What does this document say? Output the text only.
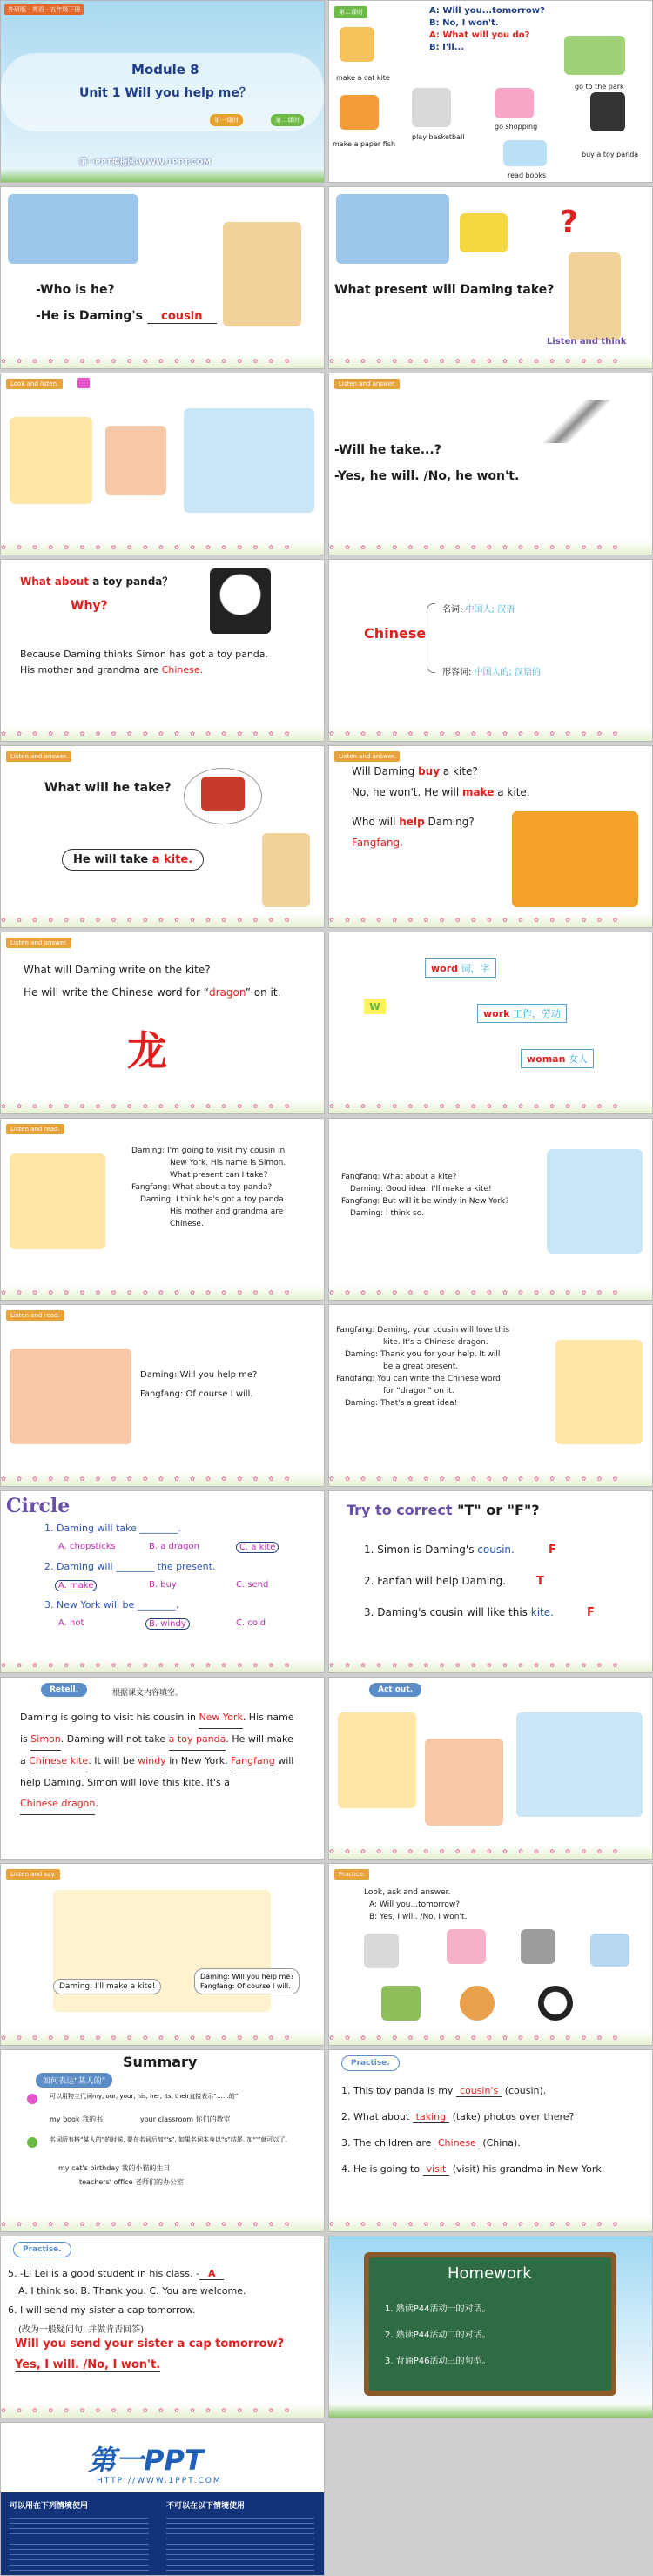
外研版 · 英语 · 五年级下册
Module 8
Unit 1 Will you help me？
第一课时	第二课时
第一PPT模板网-WWW.1PPT.COM
第二课时	A: Will you...tomorrow?
B: No, I won't.
A: What will you do?
B: I'll...
make a cat kite
go to the park
make a paper fish
play basketball
go shopping
buy a toy panda
read books
-Who is he?
-He is Daming's cousin
✿ ✿ ✿ ✿ ✿ ✿ ✿ ✿ ✿ ✿ ✿ ✿ ✿ ✿ ✿ ✿ ✿ ✿ ✿
?
What present will Daming take?
Listen and think
✿ ✿ ✿ ✿ ✿ ✿ ✿ ✿ ✿ ✿ ✿ ✿ ✿ ✿ ✿ ✿ ✿ ✿ ✿
Look and listen.
✿ ✿ ✿ ✿ ✿ ✿ ✿ ✿ ✿ ✿ ✿ ✿ ✿ ✿ ✿ ✿ ✿ ✿ ✿
Listen and answer.
-Will he take...?
-Yes, he will. /No, he won't.
✿ ✿ ✿ ✿ ✿ ✿ ✿ ✿ ✿ ✿ ✿ ✿ ✿ ✿ ✿ ✿ ✿ ✿ ✿
What about a toy panda？
Why?
Because Daming thinks Simon has got a toy panda.
His mother and grandma are Chinese.
✿ ✿ ✿ ✿ ✿ ✿ ✿ ✿ ✿ ✿ ✿ ✿ ✿ ✿ ✿ ✿ ✿ ✿ ✿
Chinese
名词: 中国人; 汉语
形容词: 中国人的; 汉语的
✿ ✿ ✿ ✿ ✿ ✿ ✿ ✿ ✿ ✿ ✿ ✿ ✿ ✿ ✿ ✿ ✿ ✿ ✿
Listen and answer.
What will he take?
He will take a kite.
✿ ✿ ✿ ✿ ✿ ✿ ✿ ✿ ✿ ✿ ✿ ✿ ✿ ✿ ✿ ✿ ✿ ✿ ✿
Listen and answer.
Will Daming buy a kite?
No, he won't. He will make a kite.
Who will help Daming?
Fangfang.
✿ ✿ ✿ ✿ ✿ ✿ ✿ ✿ ✿ ✿ ✿ ✿ ✿ ✿ ✿ ✿ ✿ ✿ ✿
Listen and answer.
What will Daming write on the kite?
He will write the Chinese word for “dragon” on it.
龙
✿ ✿ ✿ ✿ ✿ ✿ ✿ ✿ ✿ ✿ ✿ ✿ ✿ ✿ ✿ ✿ ✿ ✿ ✿
w
word 词，字
work 工作，劳动
woman 女人
✿ ✿ ✿ ✿ ✿ ✿ ✿ ✿ ✿ ✿ ✿ ✿ ✿ ✿ ✿ ✿ ✿ ✿ ✿
Listen and read.
Daming: I'm going to visit my cousin in
New York. His name is Simon.
What present can I take?
Fangfang: What about a toy panda?
Daming: I think he's got a toy panda.
His mother and grandma are
Chinese.
✿ ✿ ✿ ✿ ✿ ✿ ✿ ✿ ✿ ✿ ✿ ✿ ✿ ✿ ✿ ✿ ✿ ✿ ✿
Fangfang: What about a kite?
Daming: Good idea! I'll make a kite!
Fangfang: But will it be windy in New York?
Daming: I think so.
✿ ✿ ✿ ✿ ✿ ✿ ✿ ✿ ✿ ✿ ✿ ✿ ✿ ✿ ✿ ✿ ✿ ✿ ✿
Listen and read.
Daming: Will you help me?
Fangfang: Of course I will.
✿ ✿ ✿ ✿ ✿ ✿ ✿ ✿ ✿ ✿ ✿ ✿ ✿ ✿ ✿ ✿ ✿ ✿ ✿
Fangfang: Daming, your cousin will love this
kite. It's a Chinese dragon.
Daming: Thank you for your help. It will
be a great present.
Fangfang: You can write the Chinese word
for “dragon” on it.
Daming: That's a great idea!
✿ ✿ ✿ ✿ ✿ ✿ ✿ ✿ ✿ ✿ ✿ ✿ ✿ ✿ ✿ ✿ ✿ ✿ ✿
Circle
1. Daming will take ________.
A. chopsticks	B. a dragon	C. a kite
2. Daming will ________ the present.
A. make	B. buy	C. send
3. New York will be ________.
A. hot	B. windy	C. cold
✿ ✿ ✿ ✿ ✿ ✿ ✿ ✿ ✿ ✿ ✿ ✿ ✿ ✿ ✿ ✿ ✿ ✿ ✿
Try to correct "T" or "F"?
1. Simon is Daming's cousin.	F
2. Fanfan will help Daming.	T
3. Daming's cousin will like this kite.	F
✿ ✿ ✿ ✿ ✿ ✿ ✿ ✿ ✿ ✿ ✿ ✿ ✿ ✿ ✿ ✿ ✿ ✿ ✿
Retell.	根据课文内容填空。
Daming is going to visit his cousin in New York. His name is Simon. Daming will not take a toy panda. He will make a Chinese kite. It will be windy in New York. Fangfang will help Daming. Simon will love this kite. It's a Chinese dragon.
Act out.
✿ ✿ ✿ ✿ ✿ ✿ ✿ ✿ ✿ ✿ ✿ ✿ ✿ ✿ ✿ ✿ ✿ ✿ ✿
Listen and say.
Daming: I'll make a kite!
Daming: Will you help me?
Fangfang: Of course I will.
✿ ✿ ✿ ✿ ✿ ✿ ✿ ✿ ✿ ✿ ✿ ✿ ✿ ✿ ✿ ✿ ✿ ✿ ✿
Practice.
Look, ask and answer.
A: Will you...tomorrow?
B: Yes, I will. /No, I won't.
✿ ✿ ✿ ✿ ✿ ✿ ✿ ✿ ✿ ✿ ✿ ✿ ✿ ✿ ✿ ✿ ✿ ✿ ✿
Summary
如何表达“某人的”
可以用物主代词my, our, your, his, her, its, their直接表示“……的”
my book 我的书	your classroom 你们的教室
名词所有格“某人的”的时候, 要在名词后加“'s”, 如果名词本身以“s”结尾, 加“'”就可以了。
my cat's birthday 我的小猫的生日
teachers' office 老师们的办公室
✿ ✿ ✿ ✿ ✿ ✿ ✿ ✿ ✿ ✿ ✿ ✿ ✿ ✿ ✿ ✿ ✿ ✿ ✿
Practise.
1. This toy panda is my cousin's (cousin).
2. What about taking (take) photos over there?
3. The children are Chinese (China).
4. He is going to visit (visit) his grandma in New York.
✿ ✿ ✿ ✿ ✿ ✿ ✿ ✿ ✿ ✿ ✿ ✿ ✿ ✿ ✿ ✿ ✿ ✿ ✿
Practise.
5. -Li Lei is a good student in his class. - A
A. I think so. B. Thank you. C. You are welcome.
6. I will send my sister a cap tomorrow.
(改为一般疑问句, 并做肯否回答)
Will you send your sister a cap tomorrow?
Yes, I will. /No, I won't.
✿ ✿ ✿ ✿ ✿ ✿ ✿ ✿ ✿ ✿ ✿ ✿ ✿ ✿ ✿ ✿ ✿ ✿ ✿
Homework
1. 熟读P44活动一的对话。
2. 熟读P44活动二的对话。
3. 背诵P46活动三的句型。
第一PPT
HTTP://WWW.1PPT.COM
可以用在下列情境使用	不可以在以下情境使用
